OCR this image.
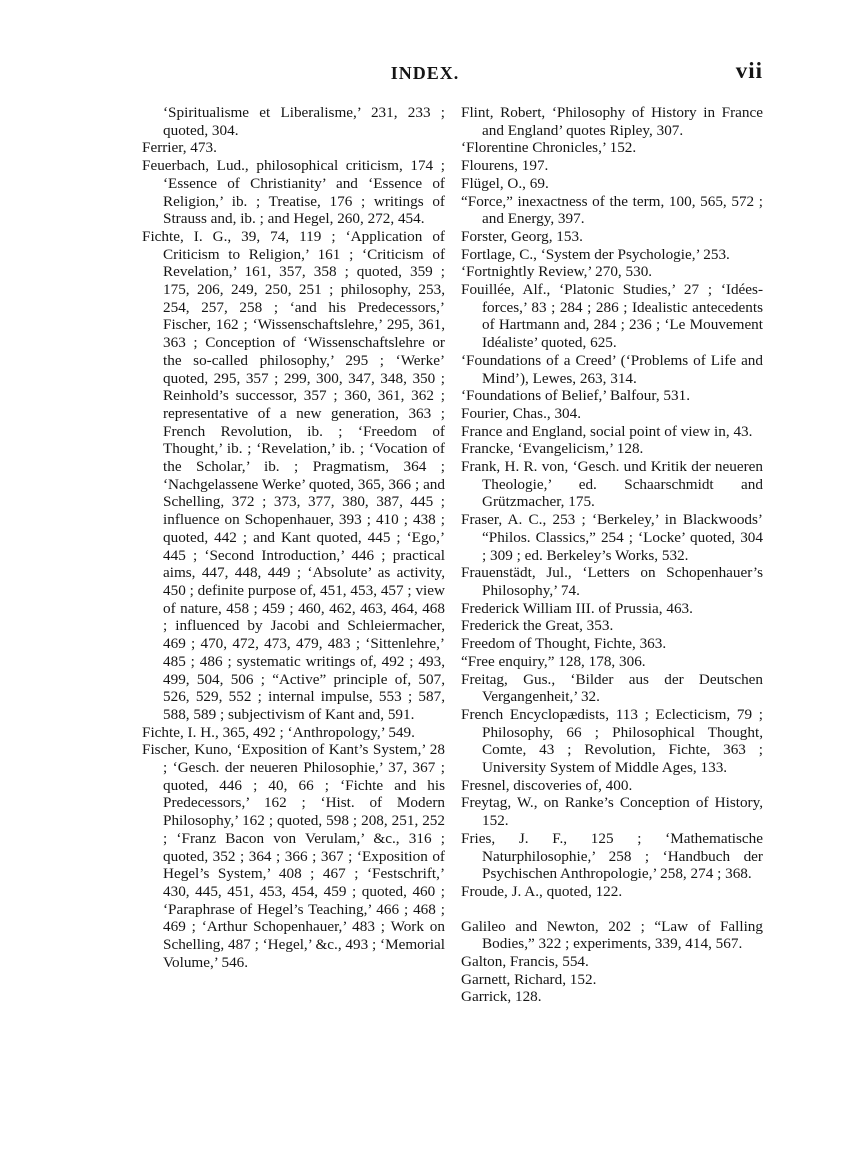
INDEX.	vii
‘Spiritualisme et Liberalisme,’ 231, 233 ; quoted, 304.
Ferrier, 473.
Feuerbach, Lud., philosophical criticism, 174 ; ‘Essence of Christianity’ and ‘Essence of Religion,’ ib. ; Treatise, 176 ; writings of Strauss and, ib. ; and Hegel, 260, 272, 454.
Fichte, I. G., 39, 74, 119 ; ‘Application of Criticism to Religion,’ 161 ; ‘Criticism of Revelation,’ 161, 357, 358 ; quoted, 359 ; 175, 206, 249, 250, 251 ; philosophy, 253, 254, 257, 258 ; ‘and his Predecessors,’ Fischer, 162 ; ‘Wissenschaftslehre,’ 295, 361, 363 ; Conception of ‘Wissenschaftslehre or the so-called philosophy,’ 295 ; ‘Werke’ quoted, 295, 357 ; 299, 300, 347, 348, 350 ; Reinhold’s successor, 357 ; 360, 361, 362 ; representative of a new generation, 363 ; French Revolution, ib. ; ‘Freedom of Thought,’ ib. ; ‘Revelation,’ ib. ; ‘Vocation of the Scholar,’ ib. ; Pragmatism, 364 ; ‘Nachgelassene Werke’ quoted, 365, 366 ; and Schelling, 372 ; 373, 377, 380, 387, 445 ; influence on Schopenhauer, 393 ; 410 ; 438 ; quoted, 442 ; and Kant quoted, 445 ; ‘Ego,’ 445 ; ‘Second Introduction,’ 446 ; practical aims, 447, 448, 449 ; ‘Absolute’ as activity, 450 ; definite purpose of, 451, 453, 457 ; view of nature, 458 ; 459 ; 460, 462, 463, 464, 468 ; influenced by Jacobi and Schleiermacher, 469 ; 470, 472, 473, 479, 483 ; ‘Sittenlehre,’ 485 ; 486 ; systematic writings of, 492 ; 493, 499, 504, 506 ; “Active” principle of, 507, 526, 529, 552 ; internal impulse, 553 ; 587, 588, 589 ; subjectivism of Kant and, 591.
Fichte, I. H., 365, 492 ; ‘Anthropology,’ 549.
Fischer, Kuno, ‘Exposition of Kant’s System,’ 28 ; ‘Gesch. der neueren Philosophie,’ 37, 367 ; quoted, 446 ; 40, 66 ; ‘Fichte and his Predecessors,’ 162 ; ‘Hist. of Modern Philosophy,’ 162 ; quoted, 598 ; 208, 251, 252 ; ‘Franz Bacon von Verulam,’ &c., 316 ; quoted, 352 ; 364 ; 366 ; 367 ; ‘Exposition of Hegel’s System,’ 408 ; 467 ; ‘Festschrift,’ 430, 445, 451, 453, 454, 459 ; quoted, 460 ; ‘Paraphrase of Hegel’s Teaching,’ 466 ; 468 ; 469 ; ‘Arthur Schopenhauer,’ 483 ; Work on Schelling, 487 ; ‘Hegel,’ &c., 493 ; ‘Memorial Volume,’ 546.
Flint, Robert, ‘Philosophy of History in France and England’ quotes Ripley, 307.
‘Florentine Chronicles,’ 152.
Flourens, 197.
Flügel, O., 69.
“Force,” inexactness of the term, 100, 565, 572 ; and Energy, 397.
Forster, Georg, 153.
Fortlage, C., ‘System der Psychologie,’ 253.
‘Fortnightly Review,’ 270, 530.
Fouillée, Alf., ‘Platonic Studies,’ 27 ; ‘Idées-forces,’ 83 ; 284 ; 286 ; Idealistic antecedents of Hartmann and, 284 ; 236 ; ‘Le Mouvement Idéaliste’ quoted, 625.
‘Foundations of a Creed’ (‘Problems of Life and Mind’), Lewes, 263, 314.
‘Foundations of Belief,’ Balfour, 531.
Fourier, Chas., 304.
France and England, social point of view in, 43.
Francke, ‘Evangelicism,’ 128.
Frank, H. R. von, ‘Gesch. und Kritik der neueren Theologie,’ ed. Schaarschmidt and Grützmacher, 175.
Fraser, A. C., 253 ; ‘Berkeley,’ in Blackwoods’ “Philos. Classics,” 254 ; ‘Locke’ quoted, 304 ; 309 ; ed. Berkeley’s Works, 532.
Frauenstädt, Jul., ‘Letters on Schopenhauer’s Philosophy,’ 74.
Frederick William III. of Prussia, 463.
Frederick the Great, 353.
Freedom of Thought, Fichte, 363.
“Free enquiry,” 128, 178, 306.
Freitag, Gus., ‘Bilder aus der Deutschen Vergangenheit,’ 32.
French Encyclopædists, 113 ; Eclecticism, 79 ; Philosophy, 66 ; Philosophical Thought, Comte, 43 ; Revolution, Fichte, 363 ; University System of Middle Ages, 133.
Fresnel, discoveries of, 400.
Freytag, W., on Ranke’s Conception of History, 152.
Fries, J. F., 125 ; ‘Mathematische Naturphilosophie,’ 258 ; ‘Handbuch der Psychischen Anthropologie,’ 258, 274 ; 368.
Froude, J. A., quoted, 122.
Galileo and Newton, 202 ; “Law of Falling Bodies,” 322 ; experiments, 339, 414, 567.
Galton, Francis, 554.
Garnett, Richard, 152.
Garrick, 128.
